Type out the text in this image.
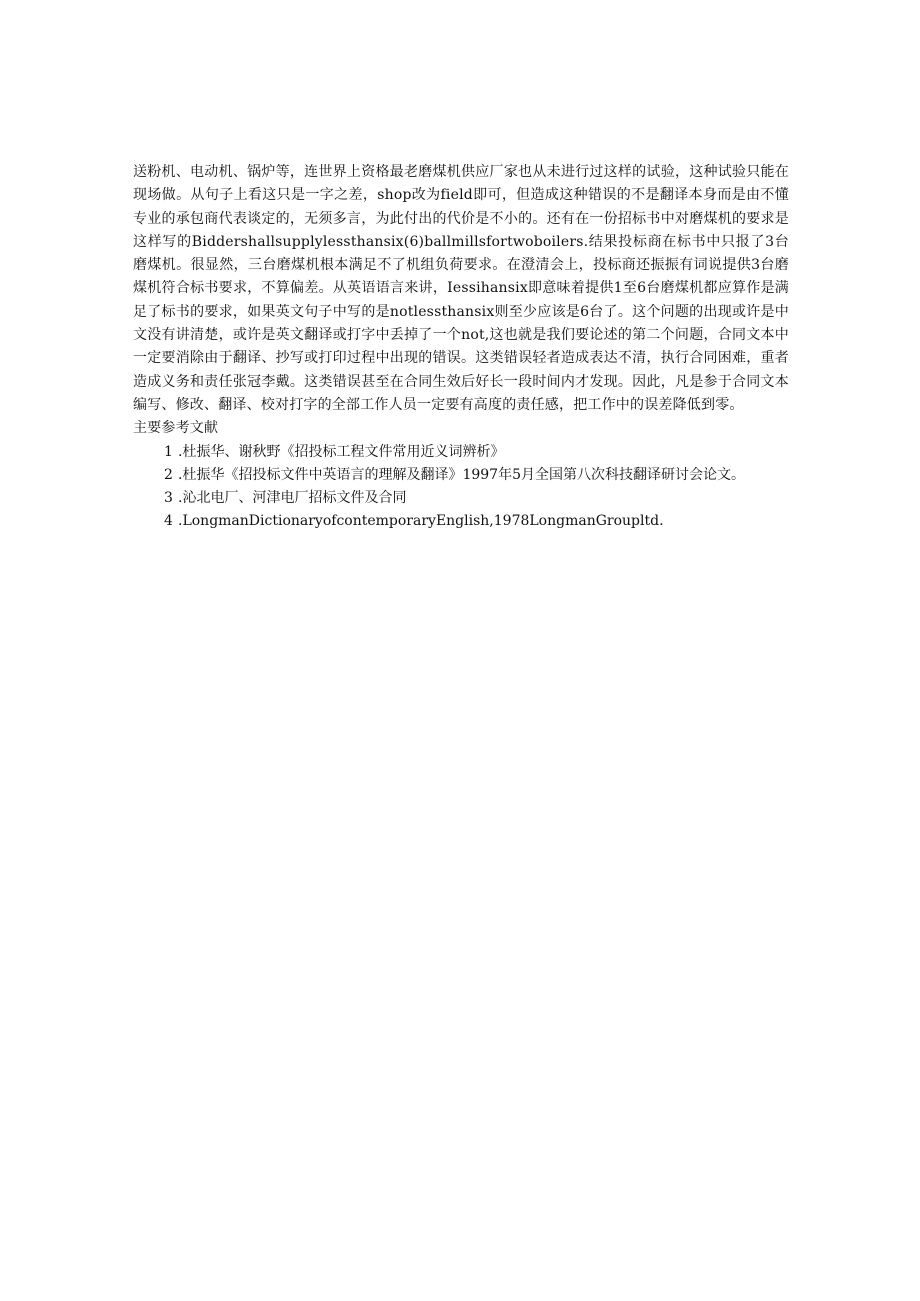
送粉机、电动机、锅炉等，连世界上资格最老磨煤机供应厂家也从未进行过这样的试验，这种试验只能在现场做。从句子上看这只是一字之差，shop改为field即可，但造成这种错误的不是翻译本身而是由不懂专业的承包商代表谈定的，无须多言，为此付出的代价是不小的。还有在一份招标书中对磨煤机的要求是这样写的Biddershallsupplylessthansix(6)ballmillsfortwoboilers.结果投标商在标书中只报了3台磨煤机。很显然，三台磨煤机根本满足不了机组负荷要求。在澄清会上，投标商还振振有词说提供3台磨煤机符合标书要求，不算偏差。从英语语言来讲，Iessihansix即意味着提供1至6台磨煤机都应算作是满足了标书的要求，如果英文句子中写的是notlessthansix则至少应该是6台了。这个问题的出现或许是中文没有讲清楚，或许是英文翻译或打字中丢掉了一个not,这也就是我们要论述的第二个问题，合同文本中一定要消除由于翻译、抄写或打印过程中出现的错误。这类错误轻者造成表达不清，执行合同困难，重者造成义务和责任张冠李戴。这类错误甚至在合同生效后好长一段时间内才发现。因此，凡是参于合同文本编写、修改、翻译、校对打字的全部工作人员一定要有高度的责任感，把工作中的误差降低到零。

主要参考文献

1 .杜振华、谢秋野《招投标工程文件常用近义词辨析》
2 .杜振华《招投标文件中英语言的理解及翻译》1997年5月全国第八次科技翻译研讨会论文。
3 .沁北电厂、河津电厂招标文件及合同
4 .LongmanDictionaryofcontemporaryEnglish,1978LongmanGroupltd.
